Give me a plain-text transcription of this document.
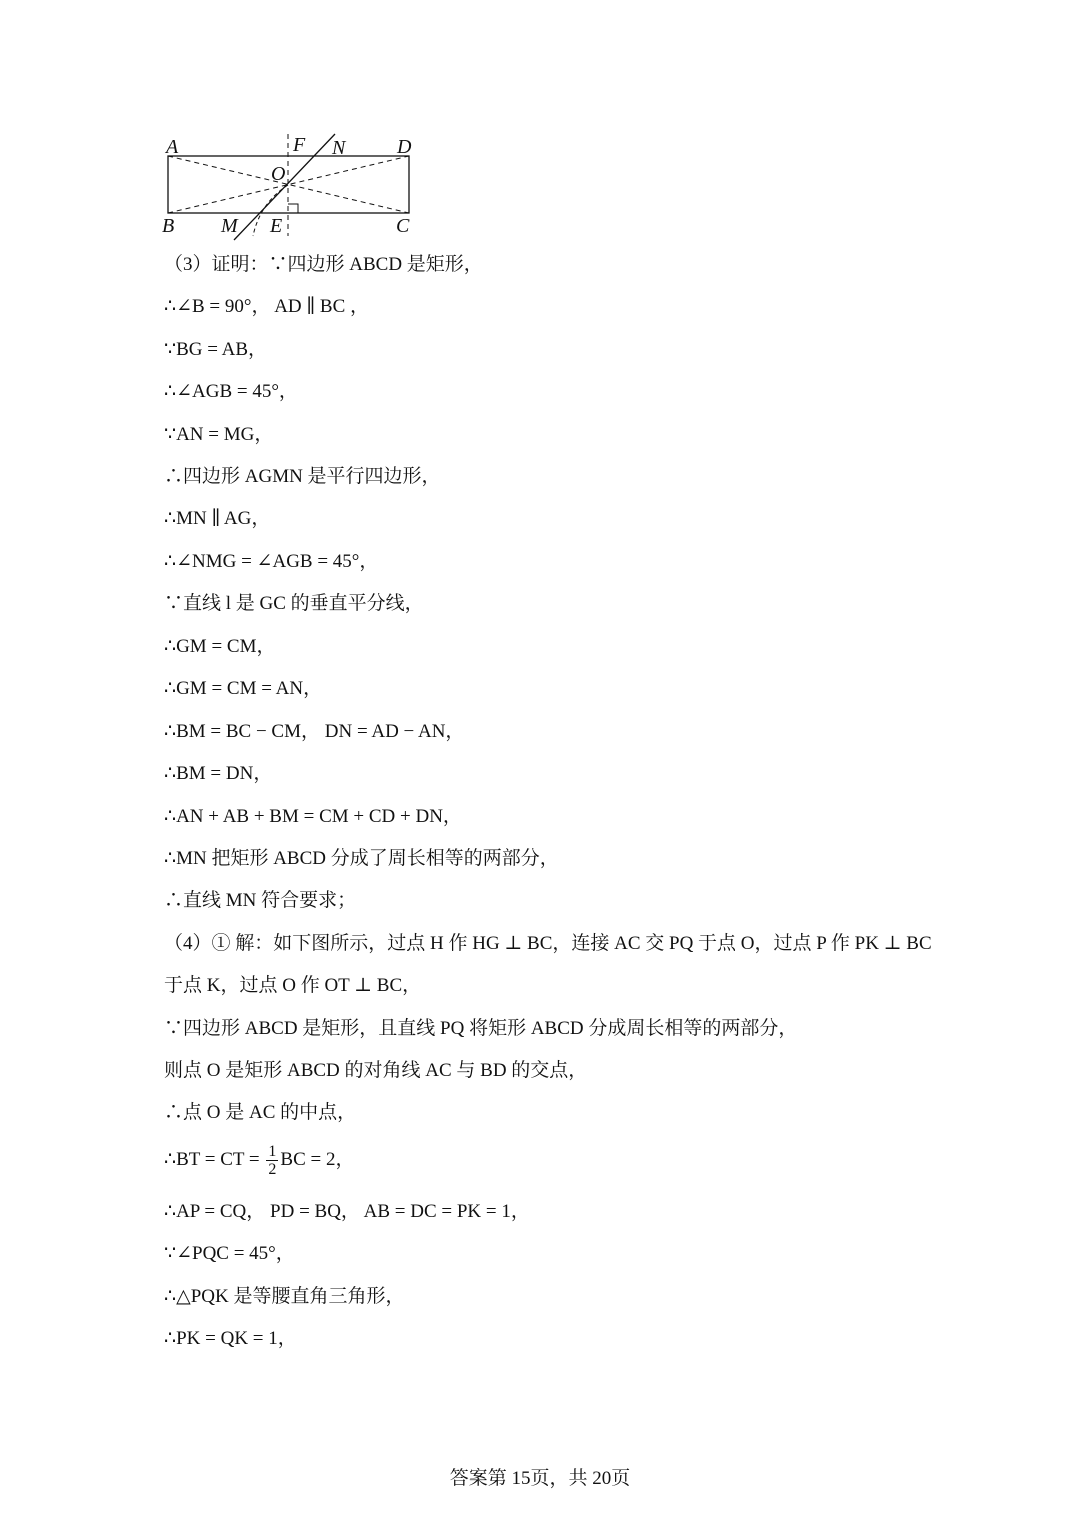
A	F N	D
O
B M E	C
（3）证明：∵四边形 ABCD 是矩形，
∴∠B = 90°， AD ∥ BC ，
∵BG = AB，
∴∠AGB = 45°，
∵AN = MG，
∴四边形 AGMN 是平行四边形，
∴MN ∥ AG，
∴∠NMG = ∠AGB = 45°，
∵直线 l 是 GC 的垂直平分线，
∴GM = CM，
∴GM = CM = AN，
∴BM = BC − CM， DN = AD − AN，
∴BM = DN，
∴AN + AB + BM = CM + CD + DN，
∴MN 把矩形 ABCD 分成了周长相等的两部分，
∴直线 MN 符合要求；
（4）① 解：如下图所示，过点 H 作 HG ⊥ BC，连接 AC 交 PQ 于点 O，过点 P 作 PK ⊥ BC
于点 K，过点 O 作 OT ⊥ BC，
∵四边形 ABCD 是矩形，且直线 PQ 将矩形 ABCD 分成周长相等的两部分，
则点 O 是矩形 ABCD 的对角线 AC 与 BD 的交点，
∴点 O 是 AC 的中点，
∴BT = CT = $\frac{1}{2}$ BC = 2，
∴AP = CQ， PD = BQ， AB = DC = PK = 1，
∵∠PQC = 45°，
∴△PQK 是等腰直角三角形，
∴PK = QK = 1，
答案第 15页，共 20页
